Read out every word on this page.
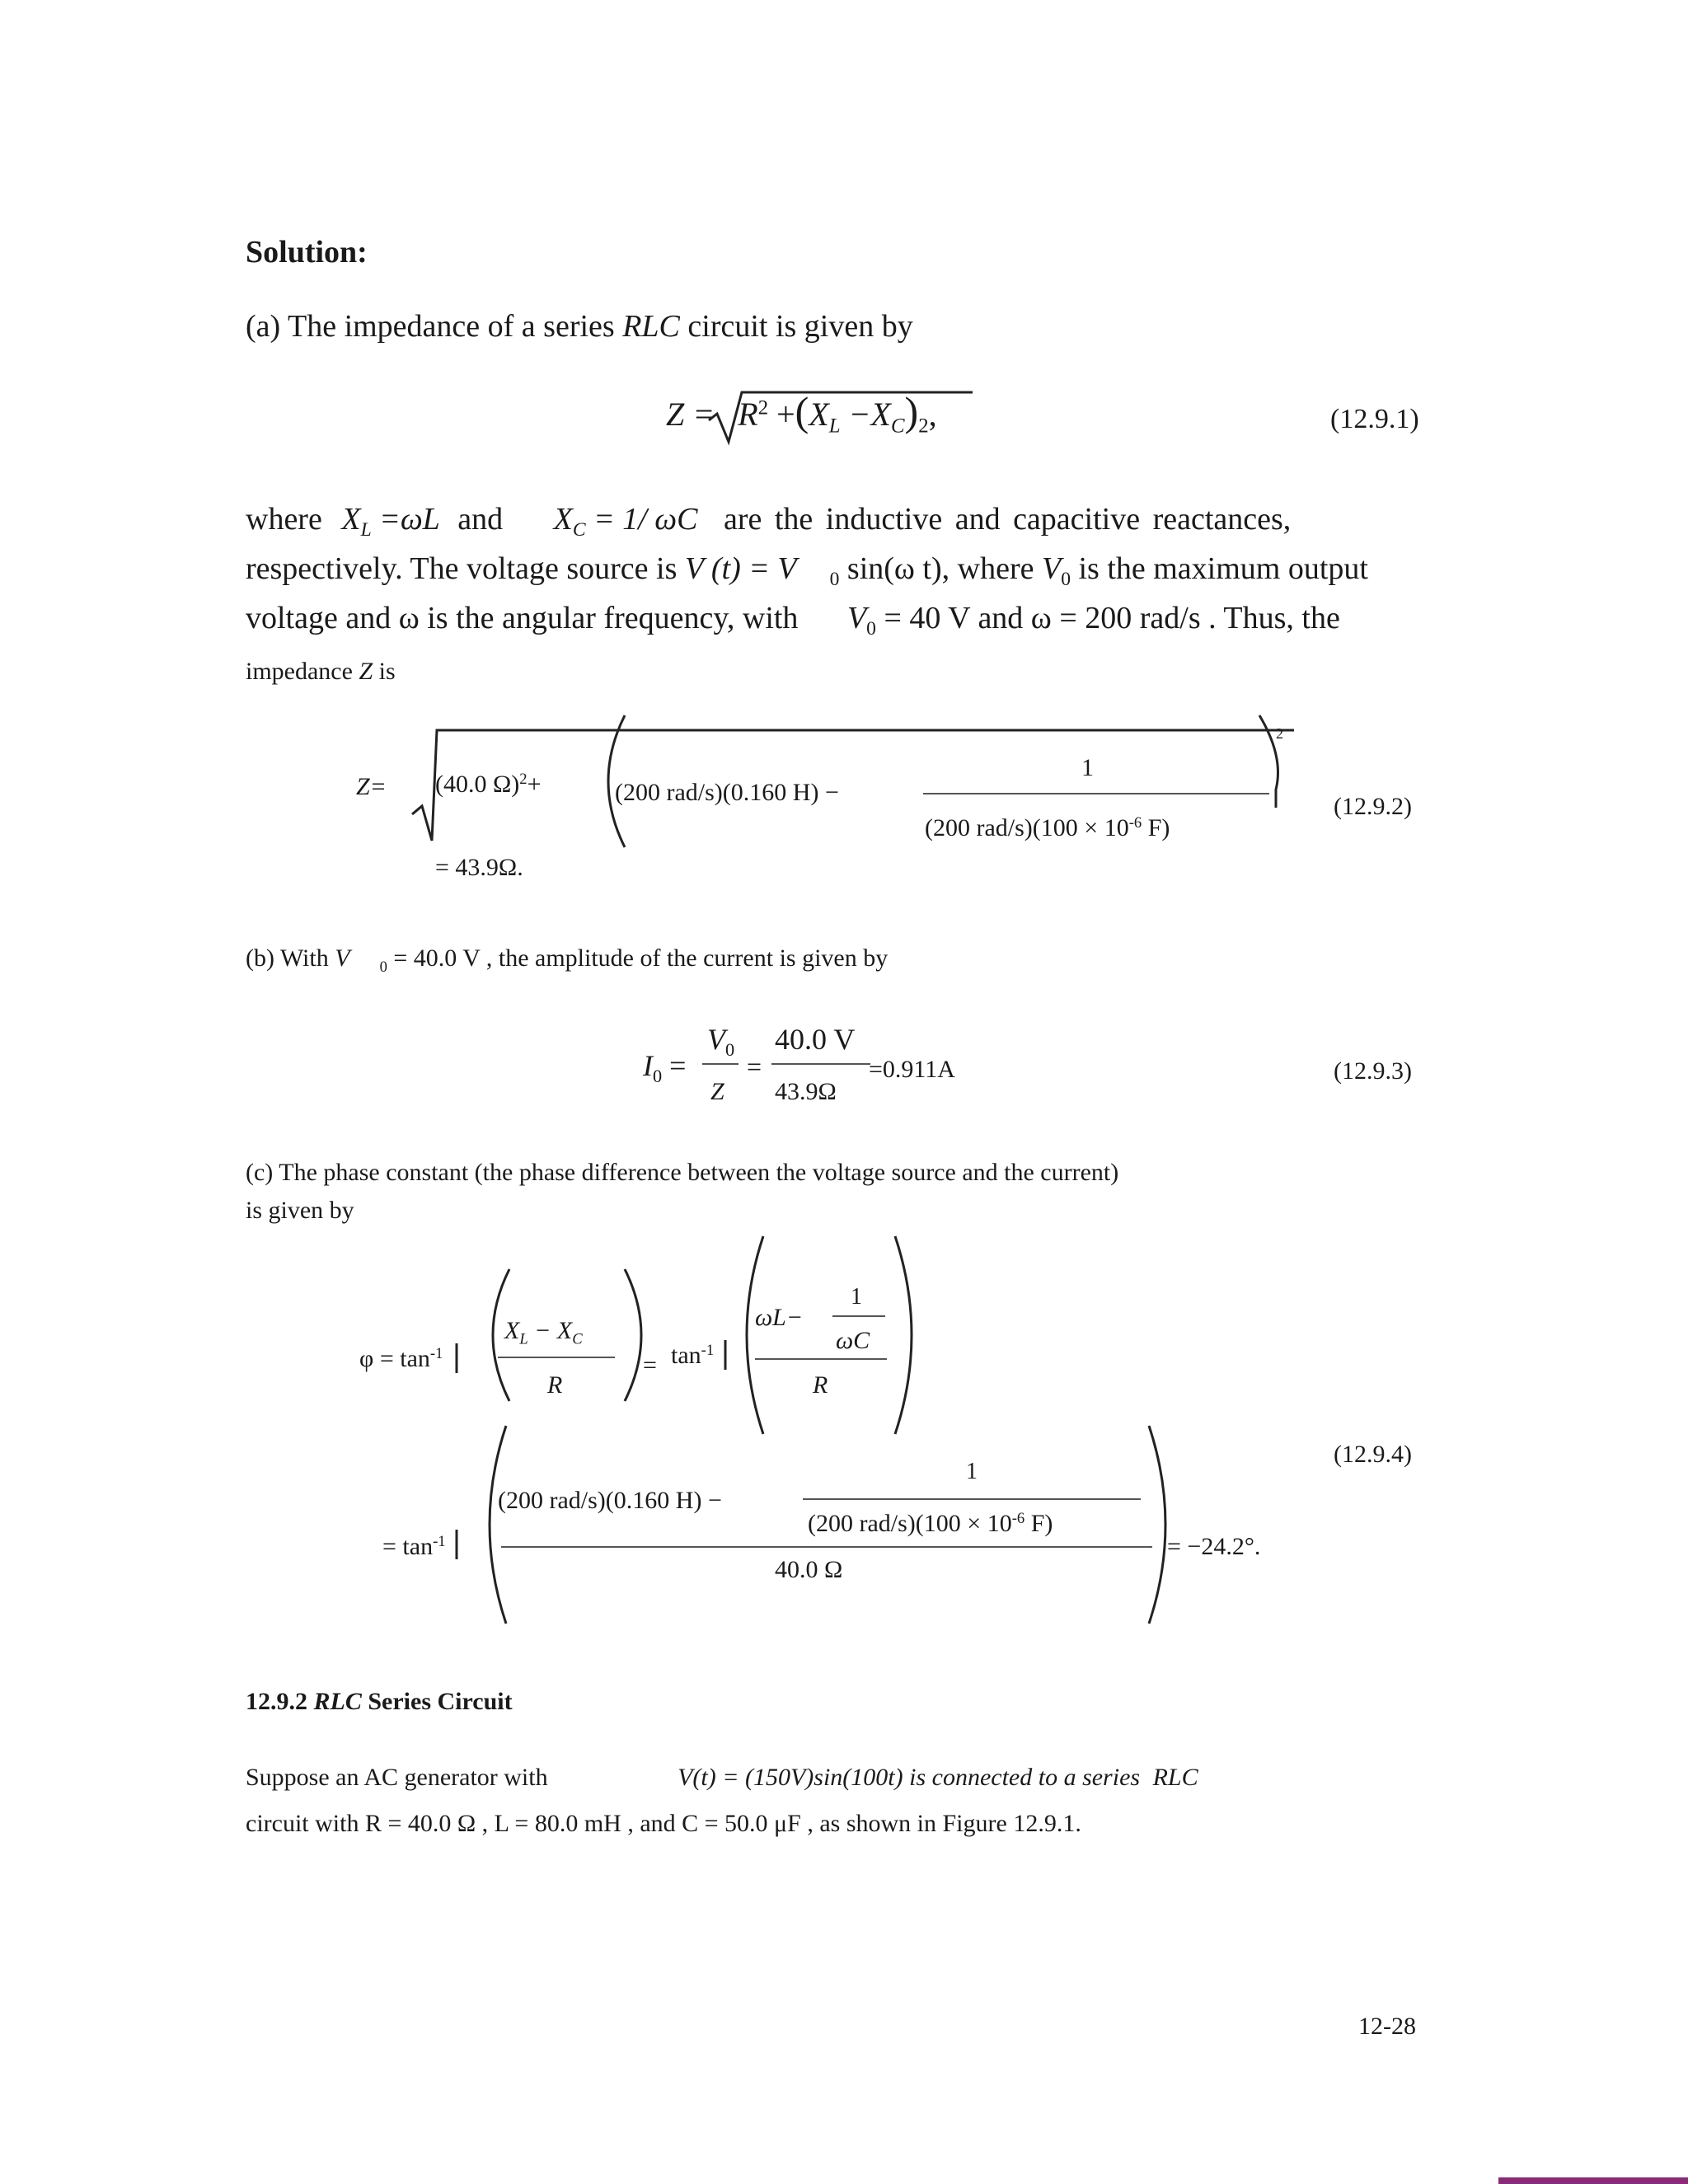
Solution:
(a) The impedance of a series RLC circuit is given by
$Z = R^2 +(X_L -X_C)_2$,	(12.9.1)
where $X_L =\omega L$ and $X_C = 1/$ ωC are the inductive and capacitive reactances,
respectively. The voltage source is V (t) = V $_0$ sin(ω t), where $V_0$ is the maximum output
voltage and ω is the angular frequency, with $V_0 = 40$ V and ω = 200 rad/s . Thus, the
impedance Z is
Z= (40.0 Ω)$^2$+	(200 rad/s)(0.160 H) −
1
(200 $rad/s)(100 \times 10^{-6}$ F)
2
(12.9.2)
= 43.9Ω.
(b) With V $_0$ = 40.0 V , the amplitude of the current is given by
$I_0$ =
$V_0$
Z
=
40.0 V
43.9Ω
=0.911A	(12.9.3)
(c) The phase constant (the phase difference between the voltage source and the current)
is given by
$\varphi = \tan^{-1}$
$X_L - X_C$
R
= $\tan^{-1}$
ωL−
1
ωC
R
(12.9.4)
(200 rad/s)(0.160 H) −
1
(200 $rad/s)(100 \times 10^{-6}$ F)
40.0 Ω
= $\tan^{-1}$	= −24.2°.
12.9.2 RLC Series Circuit
Suppose an AC generator with	V(t) = (150V)sin(100t) is connected to a series RLC
circuit with R = 40.0 Ω , L = 80.0 mH , and C = 50.0 μF , as shown in Figure 12.9.1.
12-28
